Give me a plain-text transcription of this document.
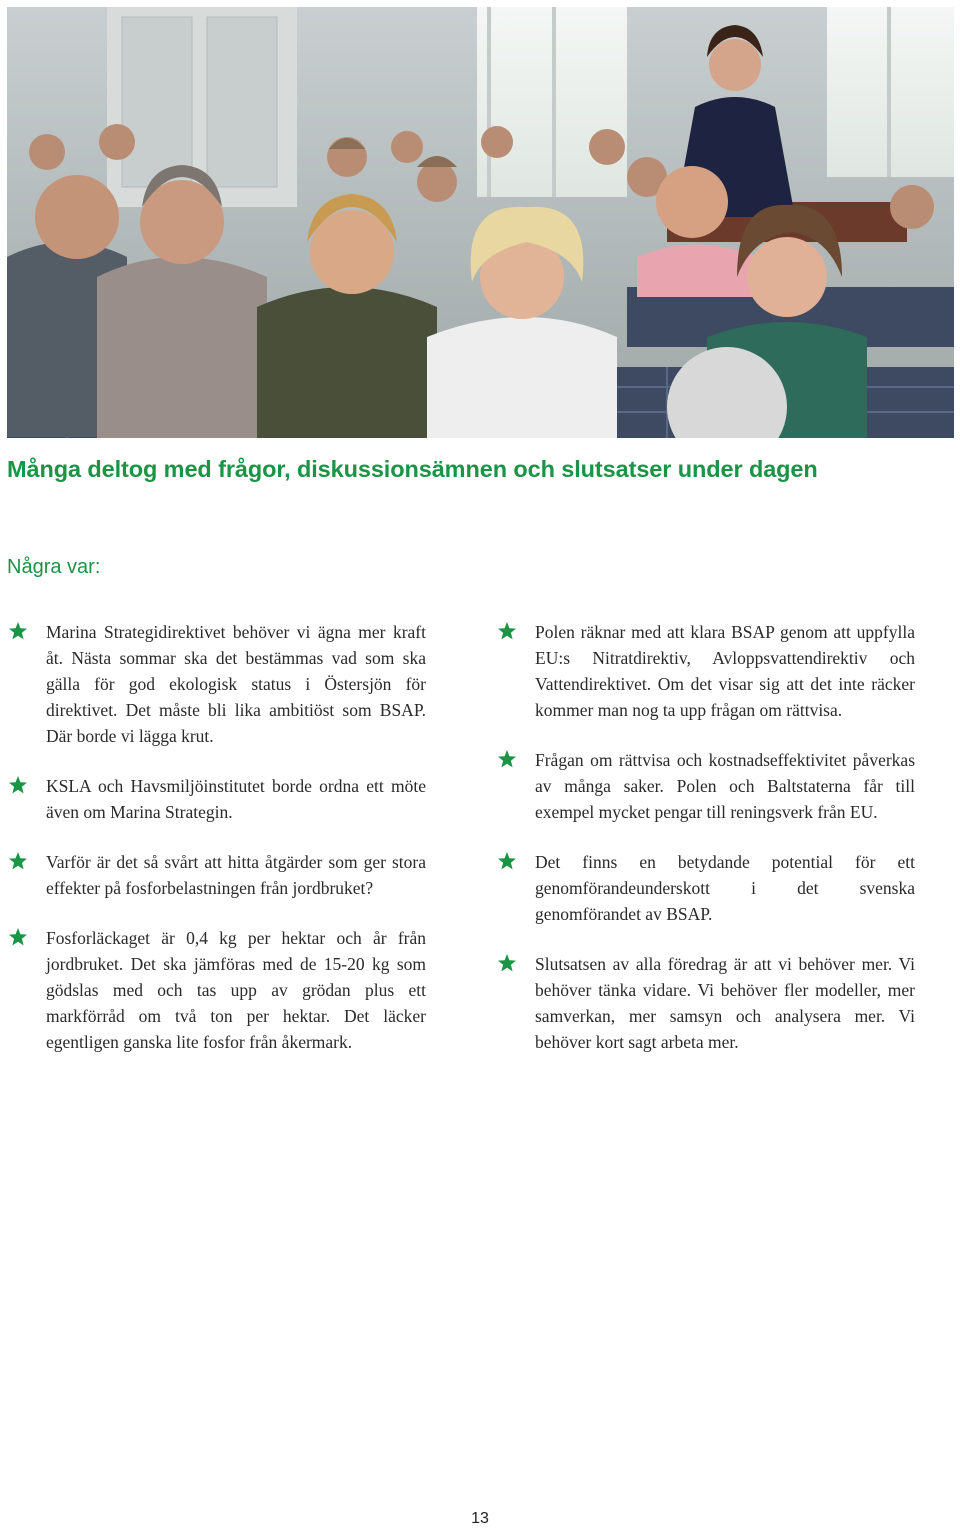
Många deltog med frågor, diskussionsämnen och slutsatser under dagen
Några var:

Marina Strategidirektivet behöver vi ägna mer kraft åt. Nästa sommar ska det bestämmas vad som ska gälla för god ekologisk status i Östersjön för direktivet. Det måste bli lika ambitiöst som BSAP. Där borde vi lägga krut.

KSLA och Havsmiljöinstitutet borde ordna ett möte även om Marina Strategin.

Varför är det så svårt att hitta åtgärder som ger stora effekter på fosforbelastningen från jordbruket?

Fosforläckaget är 0,4 kg per hektar och år från jordbruket. Det ska jämföras med de 15-20 kg som gödslas med och tas upp av grödan plus ett markförråd om två ton per hektar. Det läcker egentligen ganska lite fosfor från åkermark.

Polen räknar med att klara BSAP genom att uppfylla EU:s Nitratdirektiv, Avloppsvattendirektiv och Vattendirektivet. Om det visar sig att det inte räcker kommer man nog ta upp frågan om rättvisa.

Frågan om rättvisa och kostnadseffektivitet påverkas av många saker. Polen och Baltstaterna får till exempel mycket pengar till reningsverk från EU.

Det finns en betydande potential för ett genomförandeunderskott i det svenska genomförandet av BSAP.

Slutsatsen av alla föredrag är att vi behöver mer. Vi behöver tänka vidare. Vi behöver fler modeller, mer samverkan, mer samsyn och analysera mer. Vi behöver kort sagt arbeta mer.

13
